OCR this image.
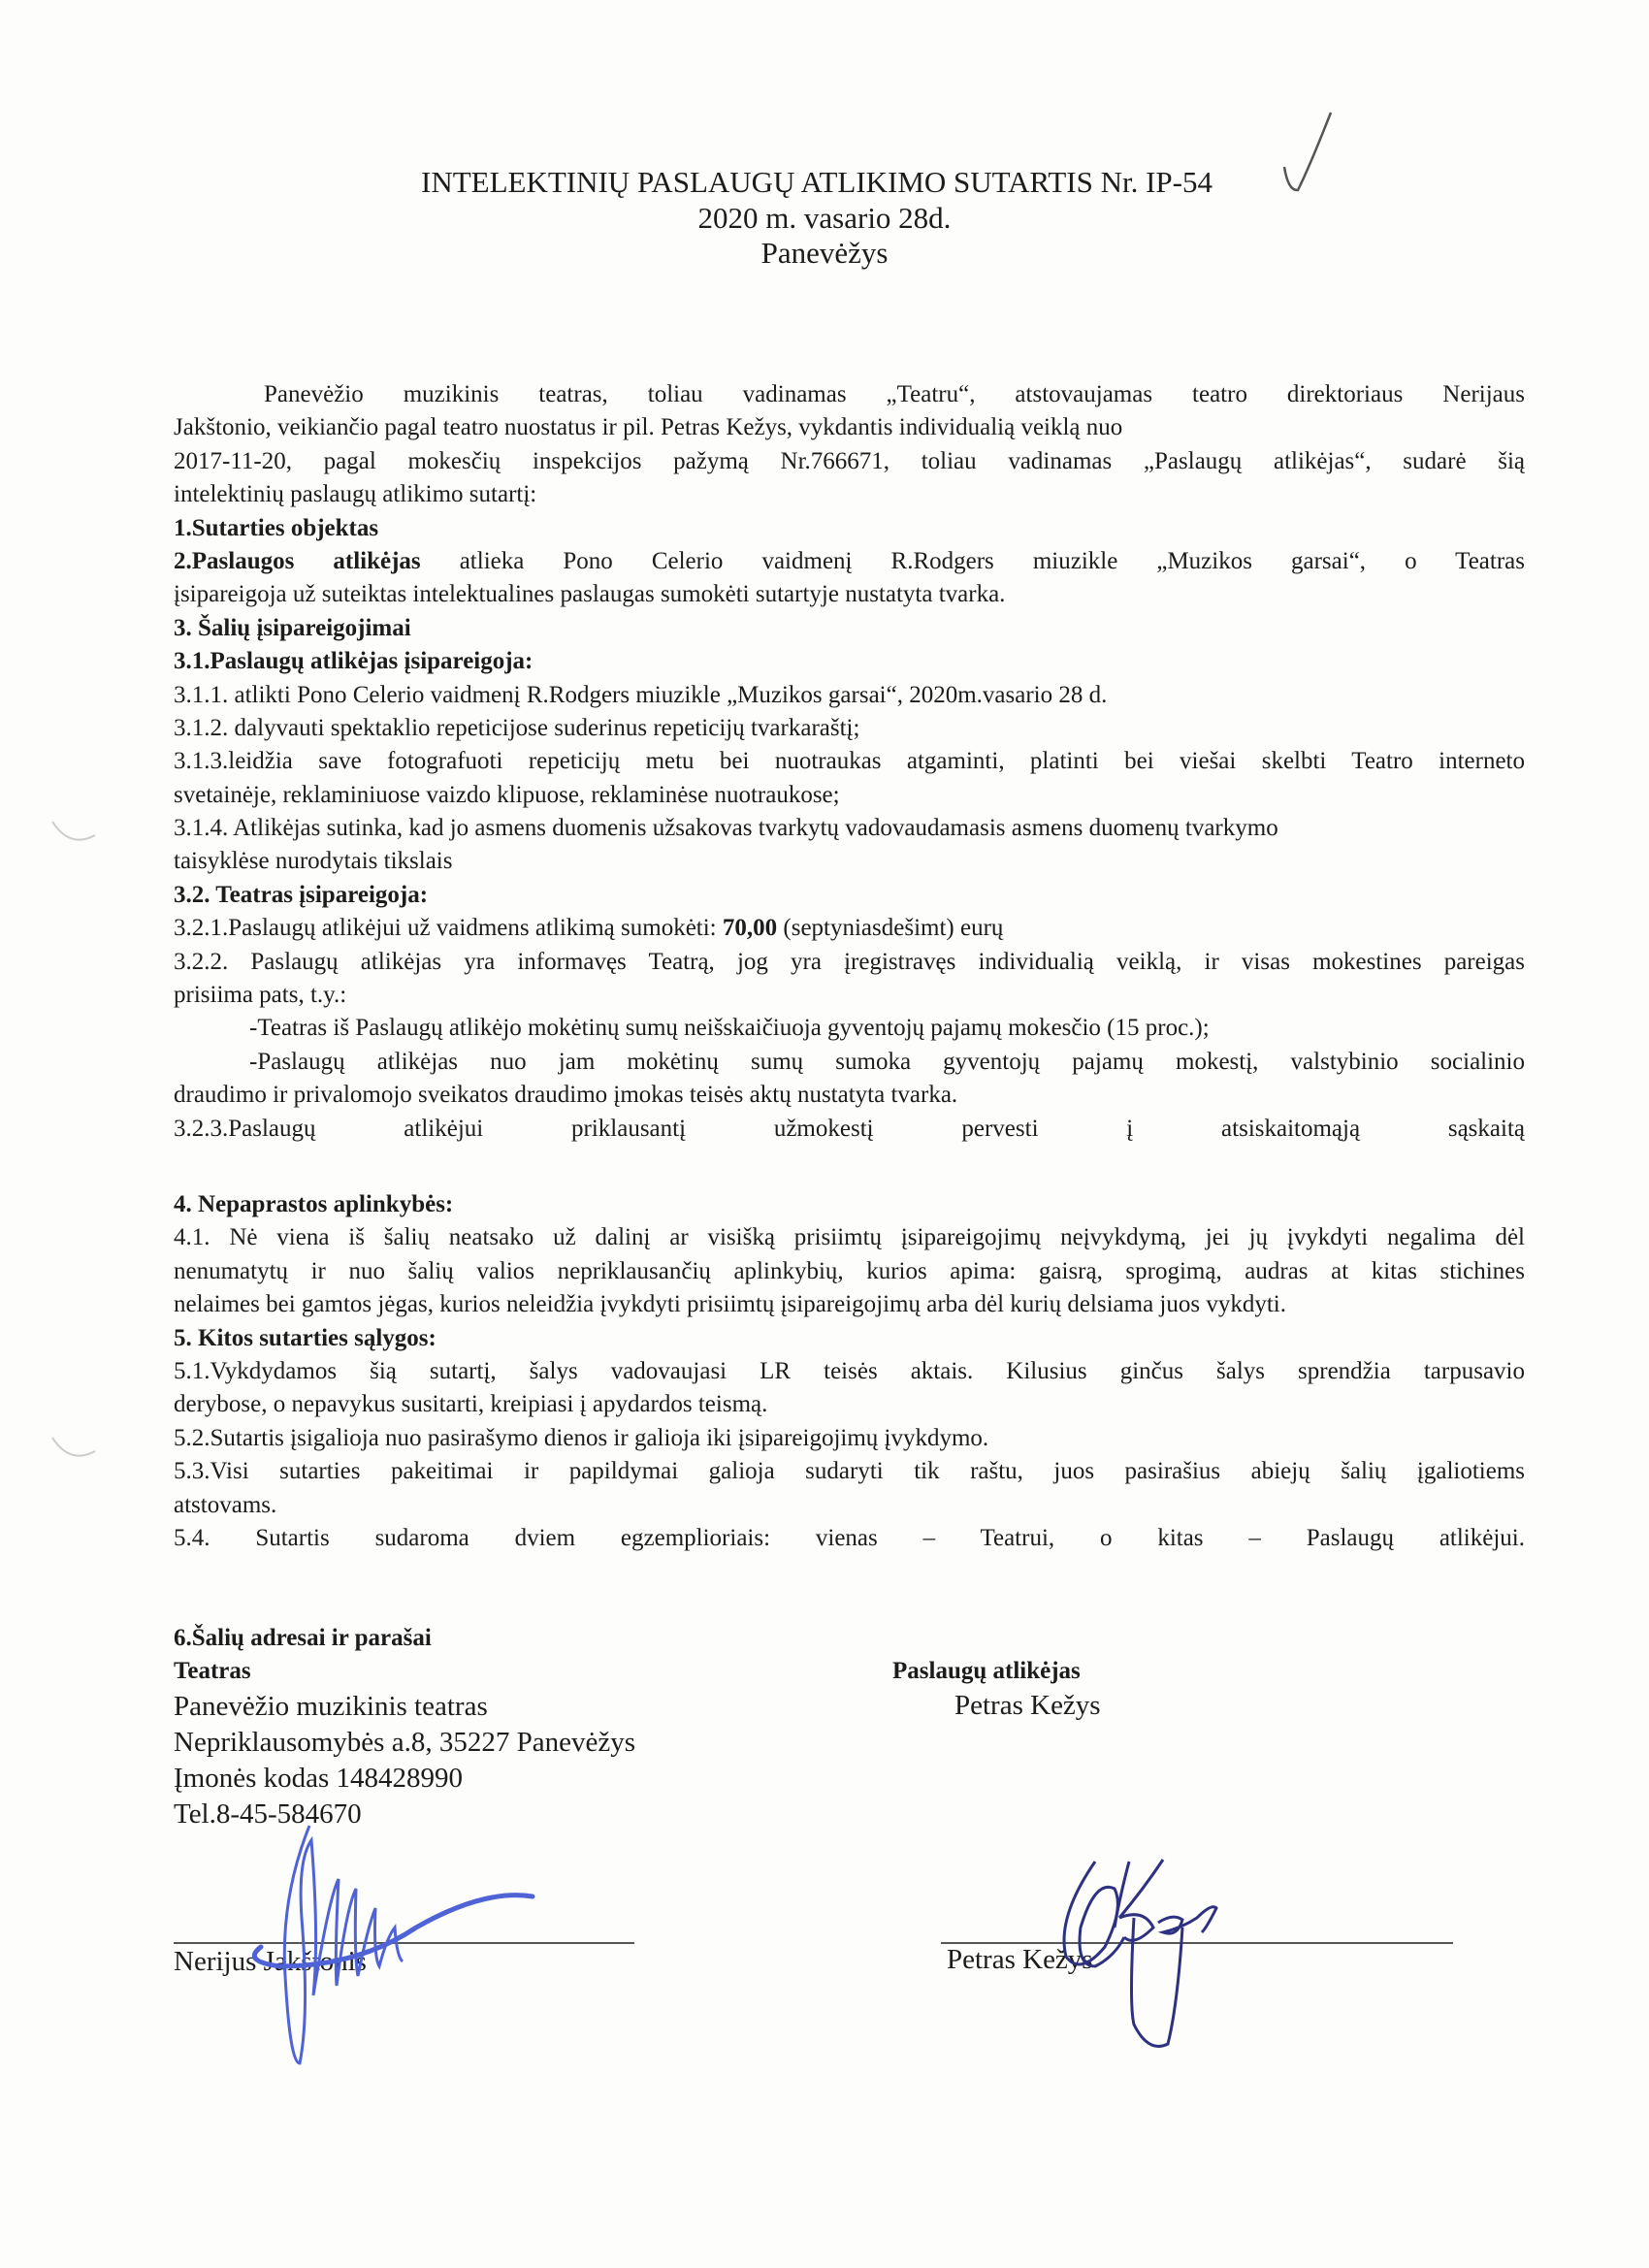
INTELEKTINIŲ PASLAUGŲ ATLIKIMO SUTARTIS Nr. IP-54
2020 m. vasario 28d.
Panevėžys
Panevėžio muzikinis teatras, toliau vadinamas „Teatru“, atstovaujamas teatro direktoriaus Nerijaus
Jakštonio, veikiančio pagal teatro nuostatus ir pil. Petras Kežys, vykdantis individualią veiklą nuo
2017-11-20, pagal mokesčių inspekcijos pažymą Nr.766671, toliau vadinamas „Paslaugų atlikėjas“, sudarė šią
intelektinių paslaugų atlikimo sutartį:
1.Sutarties objektas
2.Paslaugos atlikėjas atlieka Pono Celerio vaidmenį R.Rodgers miuzikle „Muzikos garsai“, o Teatras
įsipareigoja už suteiktas intelektualines paslaugas sumokėti sutartyje nustatyta tvarka.
3. Šalių įsipareigojimai
3.1.Paslaugų atlikėjas įsipareigoja:
3.1.1. atlikti Pono Celerio vaidmenį R.Rodgers miuzikle „Muzikos garsai“, 2020m.vasario 28 d.
3.1.2. dalyvauti spektaklio repeticijose suderinus repeticijų tvarkaraštį;
3.1.3.leidžia save fotografuoti repeticijų metu bei nuotraukas atgaminti, platinti bei viešai skelbti Teatro interneto
svetainėje, reklaminiuose vaizdo klipuose, reklaminėse nuotraukose;
3.1.4. Atlikėjas sutinka, kad jo asmens duomenis užsakovas tvarkytų vadovaudamasis asmens duomenų tvarkymo
taisyklėse nurodytais tikslais
3.2. Teatras įsipareigoja:
3.2.1.Paslaugų atlikėjui už vaidmens atlikimą sumokėti: 70,00 (septyniasdešimt) eurų
3.2.2. Paslaugų atlikėjas yra informavęs Teatrą, jog yra įregistravęs individualią veiklą, ir visas mokestines pareigas
prisiima pats, t.y.:
-Teatras iš Paslaugų atlikėjo mokėtinų sumų neišskaičiuoja gyventojų pajamų mokesčio (15 proc.);
-Paslaugų atlikėjas nuo jam mokėtinų sumų sumoka gyventojų pajamų mokestį, valstybinio socialinio
draudimo ir privalomojo sveikatos draudimo įmokas teisės aktų nustatyta tvarka.
3.2.3.Paslaugų atlikėjui priklausantį užmokestį pervesti į atsiskaitomąją sąskaitą
4. Nepaprastos aplinkybės:
4.1. Nė viena iš šalių neatsako už dalinį ar visišką prisiimtų įsipareigojimų neįvykdymą, jei jų įvykdyti negalima dėl
nenumatytų ir nuo šalių valios nepriklausančių aplinkybių, kurios apima: gaisrą, sprogimą, audras at kitas stichines
nelaimes bei gamtos jėgas, kurios neleidžia įvykdyti prisiimtų įsipareigojimų arba dėl kurių delsiama juos vykdyti.
5. Kitos sutarties sąlygos:
5.1.Vykdydamos šią sutartį, šalys vadovaujasi LR teisės aktais. Kilusius ginčus šalys sprendžia tarpusavio
derybose, o nepavykus susitarti, kreipiasi į apydardos teismą.
5.2.Sutartis įsigalioja nuo pasirašymo dienos ir galioja iki įsipareigojimų įvykdymo.
5.3.Visi sutarties pakeitimai ir papildymai galioja sudaryti tik raštu, juos pasirašius abiejų šalių įgaliotiems
atstovams.
5.4. Sutartis sudaroma dviem egzemplioriais: vienas – Teatrui, o kitas – Paslaugų atlikėjui.
6.Šalių adresai ir parašai
Teatras
Panevėžio muzikinis teatras
Nepriklausomybės a.8, 35227 Panevėžys
Įmonės kodas 148428990
Tel.8-45-584670
Paslaugų atlikėjas
Petras Kežys
Nerijus Jakštonis	Petras Kežys
